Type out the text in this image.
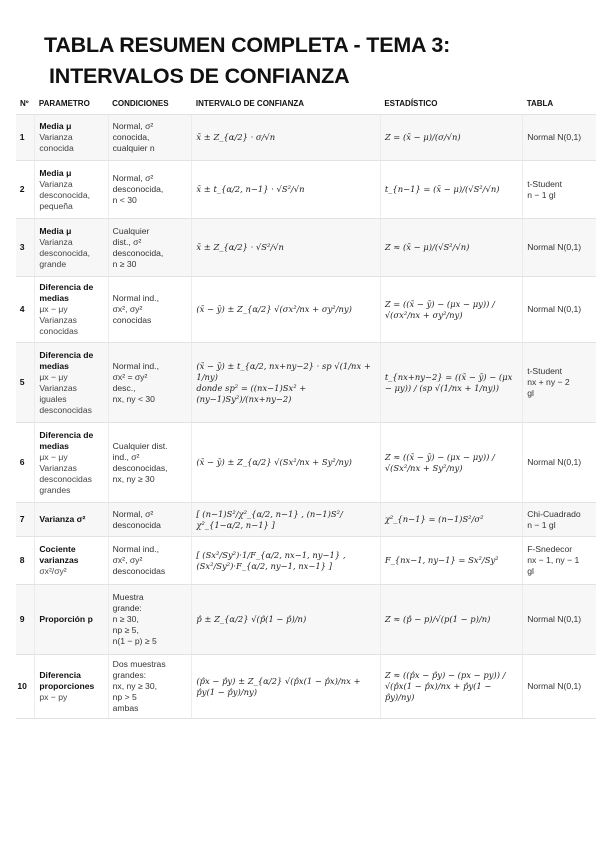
TABLA RESUMEN COMPLETA - TEMA 3:
INTERVALOS DE CONFIANZA
Nº	PARAMETRO	CONDICIONES	INTERVALO DE CONFIANZA	ESTADÍSTICO	TABLA
1	Media μ
Varianza
conocida	Normal, σ²
conocida,
cualquier n	x̄ ± Z_{α/2} · σ/√n	Z = (x̄ − μ)/(σ/√n)	Normal N(0,1)

2	Media μ
Varianza
desconocida,
pequeña	Normal, σ²
desconocida,
n < 30	x̄ ± t_{α/2, n−1} · √S²/√n	t_{n−1} = (x̄ − μ)/(√S²/√n)	t-Student
n − 1 gl

3	Media μ
Varianza
desconocida,
grande	Cualquier
dist., σ²
desconocida,
n ≥ 30	x̄ ± Z_{α/2} · √S²/√n	Z ≈ (x̄ − μ)/(√S²/√n)	Normal N(0,1)

4	Diferencia de medias
μx − μy
Varianzas
conocidas	Normal ind.,
σx², σy²
conocidas	(x̄ − ȳ) ± Z_{α/2} √(σx²/nx + σy²/ny)	Z = ((x̄ − ȳ) − (μx − μy)) / √(σx²/nx + σy²/ny)	Normal N(0,1)

5	Diferencia de medias
μx − μy
Varianzas
iguales
desconocidas	Normal ind.,
σx² = σy²
desc.,
nx, ny < 30	(x̄ − ȳ) ± t_{α/2, nx+ny−2} · sp √(1/nx + 1/ny)
donde sp² = ((nx−1)Sx² + (ny−1)Sy²)/(nx+ny−2)	t_{nx+ny−2} = ((x̄ − ȳ) − (μx − μy)) / (sp √(1/nx + 1/ny))	t-Student
nx + ny − 2
gl

6	Diferencia de medias
μx − μy
Varianzas
desconocidas
grandes	Cualquier dist.
ind., σ²
desconocidas,
nx, ny ≥ 30	(x̄ − ȳ) ± Z_{α/2} √(Sx²/nx + Sy²/ny)	Z ≈ ((x̄ − ȳ) − (μx − μy)) / √(Sx²/nx + Sy²/ny)	Normal N(0,1)

7	Varianza σ²	Normal, σ²
desconocida	[ (n−1)S²/χ²_{α/2, n−1} , (n−1)S²/χ²_{1−α/2, n−1} ]	χ²_{n−1} = (n−1)S²/σ²	Chi-Cuadrado
n − 1 gl

8	Cociente varianzas
σx²/σy²	Normal ind.,
σx², σy²
desconocidas	[ (Sx²/Sy²)·1/F_{α/2, nx−1, ny−1} , (Sx²/Sy²)·F_{α/2, ny−1, nx−1} ]	F_{nx−1, ny−1} = Sx²/Sy²	F-Snedecor
nx − 1, ny − 1
gl

9	Proporción p	Muestra
grande:
n ≥ 30,
np ≥ 5,
n(1 − p) ≥ 5	p̂ ± Z_{α/2} √(p̂(1 − p̂)/n)	Z ≈ (p̂ − p)/√(p(1 − p)/n)	Normal N(0,1)

10	Diferencia proporciones
px − py	Dos muestras
grandes:
nx, ny ≥ 30,
np > 5
ambas	(p̂x − p̂y) ± Z_{α/2} √(p̂x(1 − p̂x)/nx + p̂y(1 − p̂y)/ny)	Z ≈ ((p̂x − p̂y) − (px − py)) / √(p̂x(1 − p̂x)/nx + p̂y(1 − p̂y)/ny)	Normal N(0,1)
